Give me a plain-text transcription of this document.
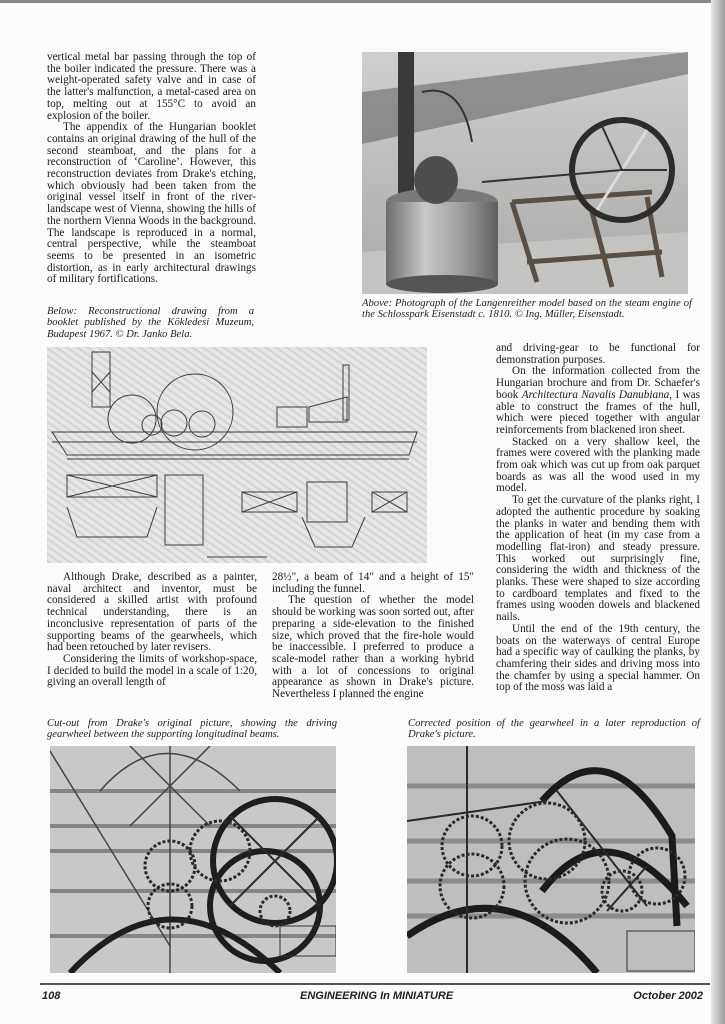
vertical metal bar passing through the top of the boiler indicated the pressure. There was a weight-operated safety valve and in case of the latter's malfunction, a metal-cased area on top, melting out at 155°C to avoid an explosion of the boiler.

The appendix of the Hungarian booklet contains an original drawing of the hull of the second steamboat, and the plans for a reconstruction of ‘Caroline’. However, this reconstruction deviates from Drake's etching, which obviously had been taken from the original vessel itself in front of the river-landscape west of Vienna, showing the hills of the northern Vienna Woods in the background. The landscape is reproduced in a normal, central perspective, while the steamboat seems to be presented in an isometric distortion, as in early architectural drawings of military fortifications.

Below: Reconstructional drawing from a booklet published by the Kökledesi Muzeum, Budapest 1967. © Dr. Janko Bela.
Above: Photograph of the Langenreither model based on the steam engine of the Schlosspark Eisenstadt c. 1810. © Ing. Müller, Eisenstadt.

Although Drake, described as a painter, naval architect and inventor, must be considered a skilled artist with profound technical understanding, there is an inconclusive representation of parts of the supporting beams of the gearwheels, which had been retouched by later revisers.

Considering the limits of workshop-space, I decided to build the model in a scale of 1:20, giving an overall length of

28½", a beam of 14" and a height of 15" including the funnel.

The question of whether the model should be working was soon sorted out, after preparing a side-elevation to the finished size, which proved that the fire-hole would be inaccessible. I preferred to produce a scale-model rather than a working hybrid with a lot of concessions to original appearance as shown in Drake's picture. Nevertheless I planned the engine

and driving-gear to be functional for demonstration purposes.

On the information collected from the Hungarian brochure and from Dr. Schaefer's book Architectura Navalis Danubiana, I was able to construct the frames of the hull, which were pieced together with angular reinforcements from blackened iron sheet.

Stacked on a very shallow keel, the frames were covered with the planking made from oak which was cut up from oak parquet boards as was all the wood used in my model.

To get the curvature of the planks right, I adopted the authentic procedure by soaking the planks in water and bending them with the application of heat (in my case from a modelling flat-iron) and steady pressure. This worked out surprisingly fine, considering the width and thickness of the planks. These were shaped to size according to cardboard templates and fixed to the frames using wooden dowels and blackened nails.

Until the end of the 19th century, the boats on the waterways of central Europe had a specific way of caulking the planks, by chamfering their sides and driving moss into the chamfer by using a special hammer. On top of the moss was laid a

Cut-out from Drake's original picture, showing the driving gearwheel between the supporting longitudinal beams.
Corrected position of the gearwheel in a later reproduction of Drake's picture.
108	ENGINEERING In MINIATURE	October 2002
